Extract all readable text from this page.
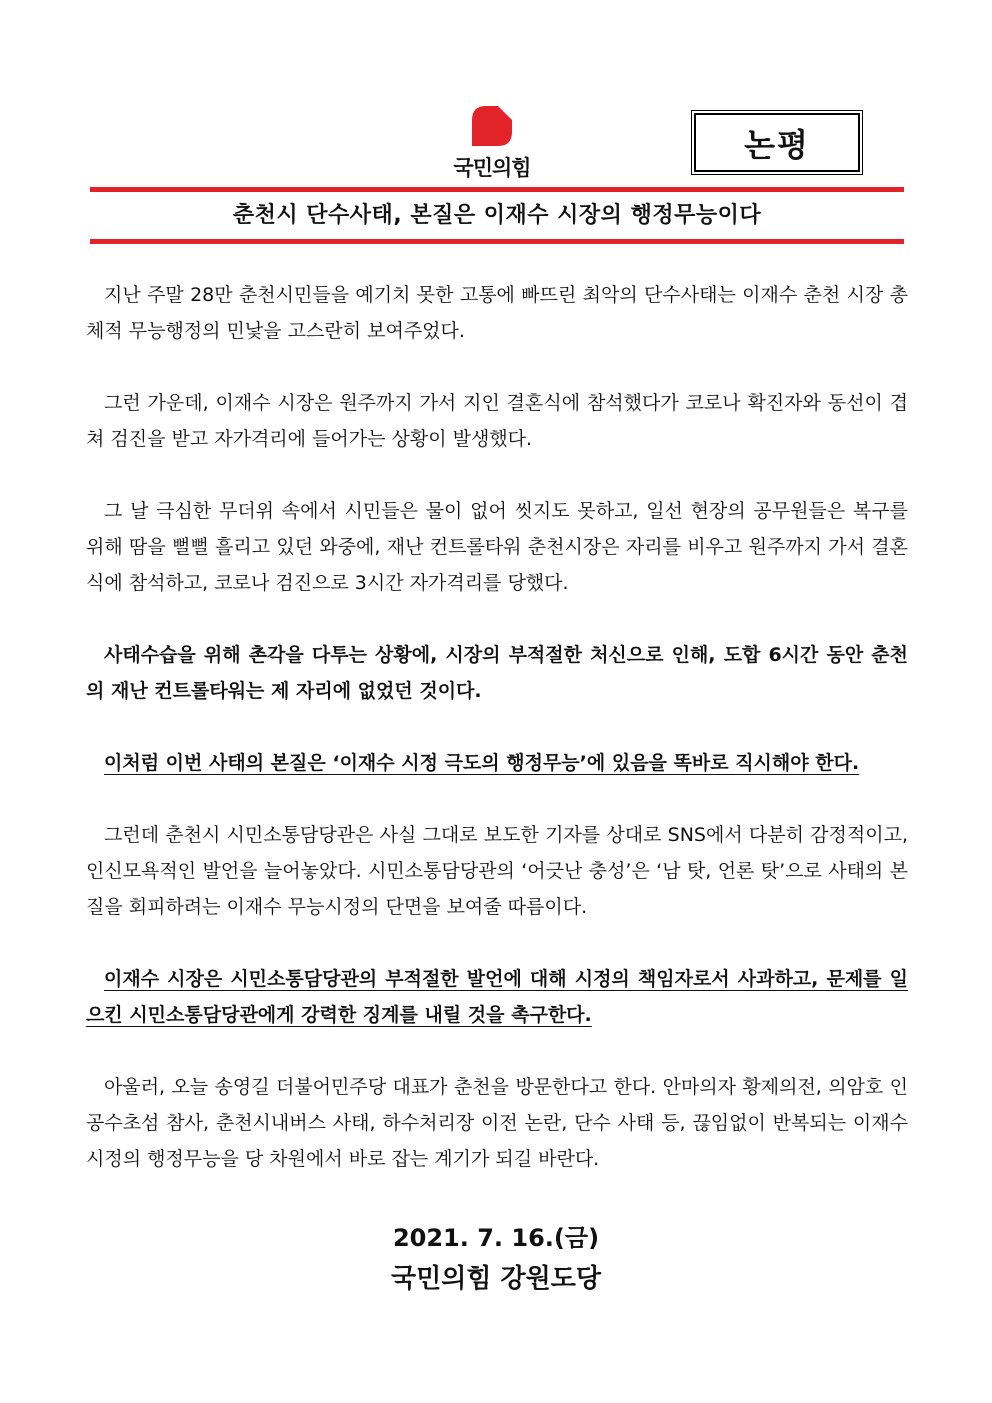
국민의힘
논평
춘천시 단수사태, 본질은 이재수 시장의 행정무능이다

지난 주말 28만 춘천시민들을 예기치 못한 고통에 빠뜨린 최악의 단수사태는 이재수 춘천 시장 총체적 무능행정의 민낯을 고스란히 보여주었다.

그런 가운데, 이재수 시장은 원주까지 가서 지인 결혼식에 참석했다가 코로나 확진자와 동선이 겹쳐 검진을 받고 자가격리에 들어가는 상황이 발생했다.

그 날 극심한 무더위 속에서 시민들은 물이 없어 씻지도 못하고, 일선 현장의 공무원들은 복구를 위해 땀을 뻘뻘 흘리고 있던 와중에, 재난 컨트롤타워 춘천시장은 자리를 비우고 원주까지 가서 결혼식에 참석하고, 코로나 검진으로 3시간 자가격리를 당했다.

사태수습을 위해 촌각을 다투는 상황에, 시장의 부적절한 처신으로 인해, 도합 6시간 동안 춘천의 재난 컨트롤타워는 제 자리에 없었던 것이다.

이처럼 이번 사태의 본질은 ‘이재수 시정 극도의 행정무능’에 있음을 똑바로 직시해야 한다.

그런데 춘천시 시민소통담당관은 사실 그대로 보도한 기자를 상대로 SNS에서 다분히 감정적이고, 인신모욕적인 발언을 늘어놓았다. 시민소통담당관의 ‘어긋난 충성’은 ‘남 탓, 언론 탓’으로 사태의 본질을 회피하려는 이재수 무능시정의 단면을 보여줄 따름이다.

이재수 시장은 시민소통담당관의 부적절한 발언에 대해 시정의 책임자로서 사과하고, 문제를 일으킨 시민소통담당관에게 강력한 징계를 내릴 것을 촉구한다.

아울러, 오늘 송영길 더불어민주당 대표가 춘천을 방문한다고 한다. 안마의자 황제의전, 의암호 인공수초섬 참사, 춘천시내버스 사태, 하수처리장 이전 논란, 단수 사태 등, 끊임없이 반복되는 이재수 시정의 행정무능을 당 차원에서 바로 잡는 계기가 되길 바란다.

2021. 7. 16.(금)
국민의힘 강원도당
